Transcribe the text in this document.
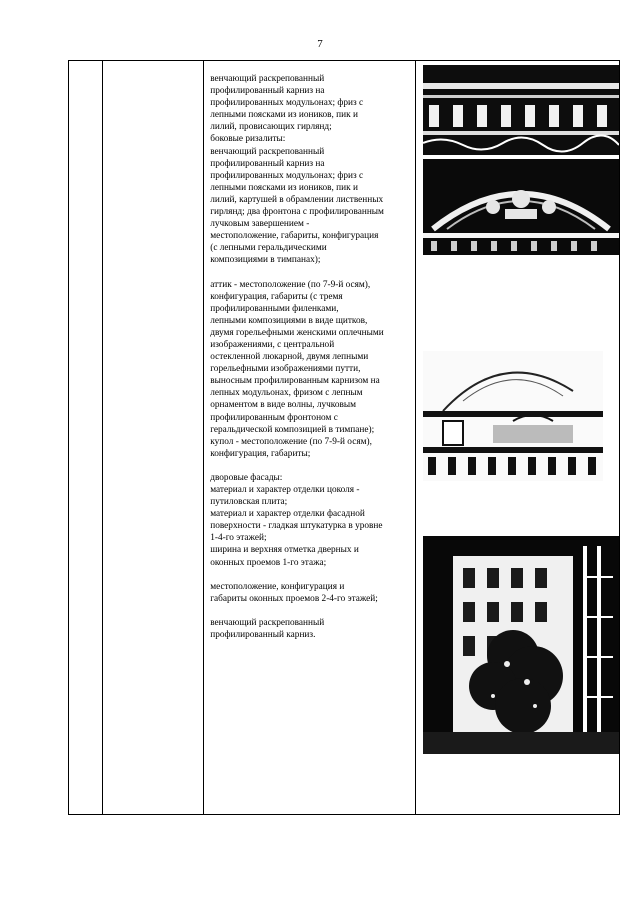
7

венчающий раскрепованный
профилированный карниз на
профилированных модульонах; фриз с
лепными поясками из иоников, пик и
лилий, провисающих гирлянд;
боковые ризалиты:
венчающий раскрепованный
профилированный карниз на
профилированных модульонах; фриз с
лепными поясками из иоников, пик и
лилий, картушей в обрамлении лиственных
гирлянд; два фронтона с профилированным
лучковым завершением -
местоположение, габариты, конфигурация
(с лепными геральдическими
композициями в тимпанах);
аттик - местоположение (по 7-9-й осям),
конфигурация, габариты (с тремя
профилированными филенками,
лепными композициями в виде щитков,
двумя горельефными женскими оплечными
изображениями, с центральной
остекленной люкарной, двумя лепными
горельефными изображениями путти,
выносным профилированным карнизом на
лепных модульонах, фризом с лепным
орнаментом в виде волны, лучковым
профилированным фронтоном с
геральдической композицией в тимпане);
купол - местоположение (по 7-9-й осям),
конфигурация, габариты;
дворовые фасады:
материал и характер отделки цоколя -
путиловская плита;
материал и характер отделки фасадной
поверхности - гладкая штукатурка в уровне
1-4-го этажей;
ширина и верхняя отметка дверных и
оконных проемов 1-го этажа;
местоположение, конфигурация и
габариты оконных проемов 2-4-го этажей;
венчающий раскрепованный
профилированный карниз.
